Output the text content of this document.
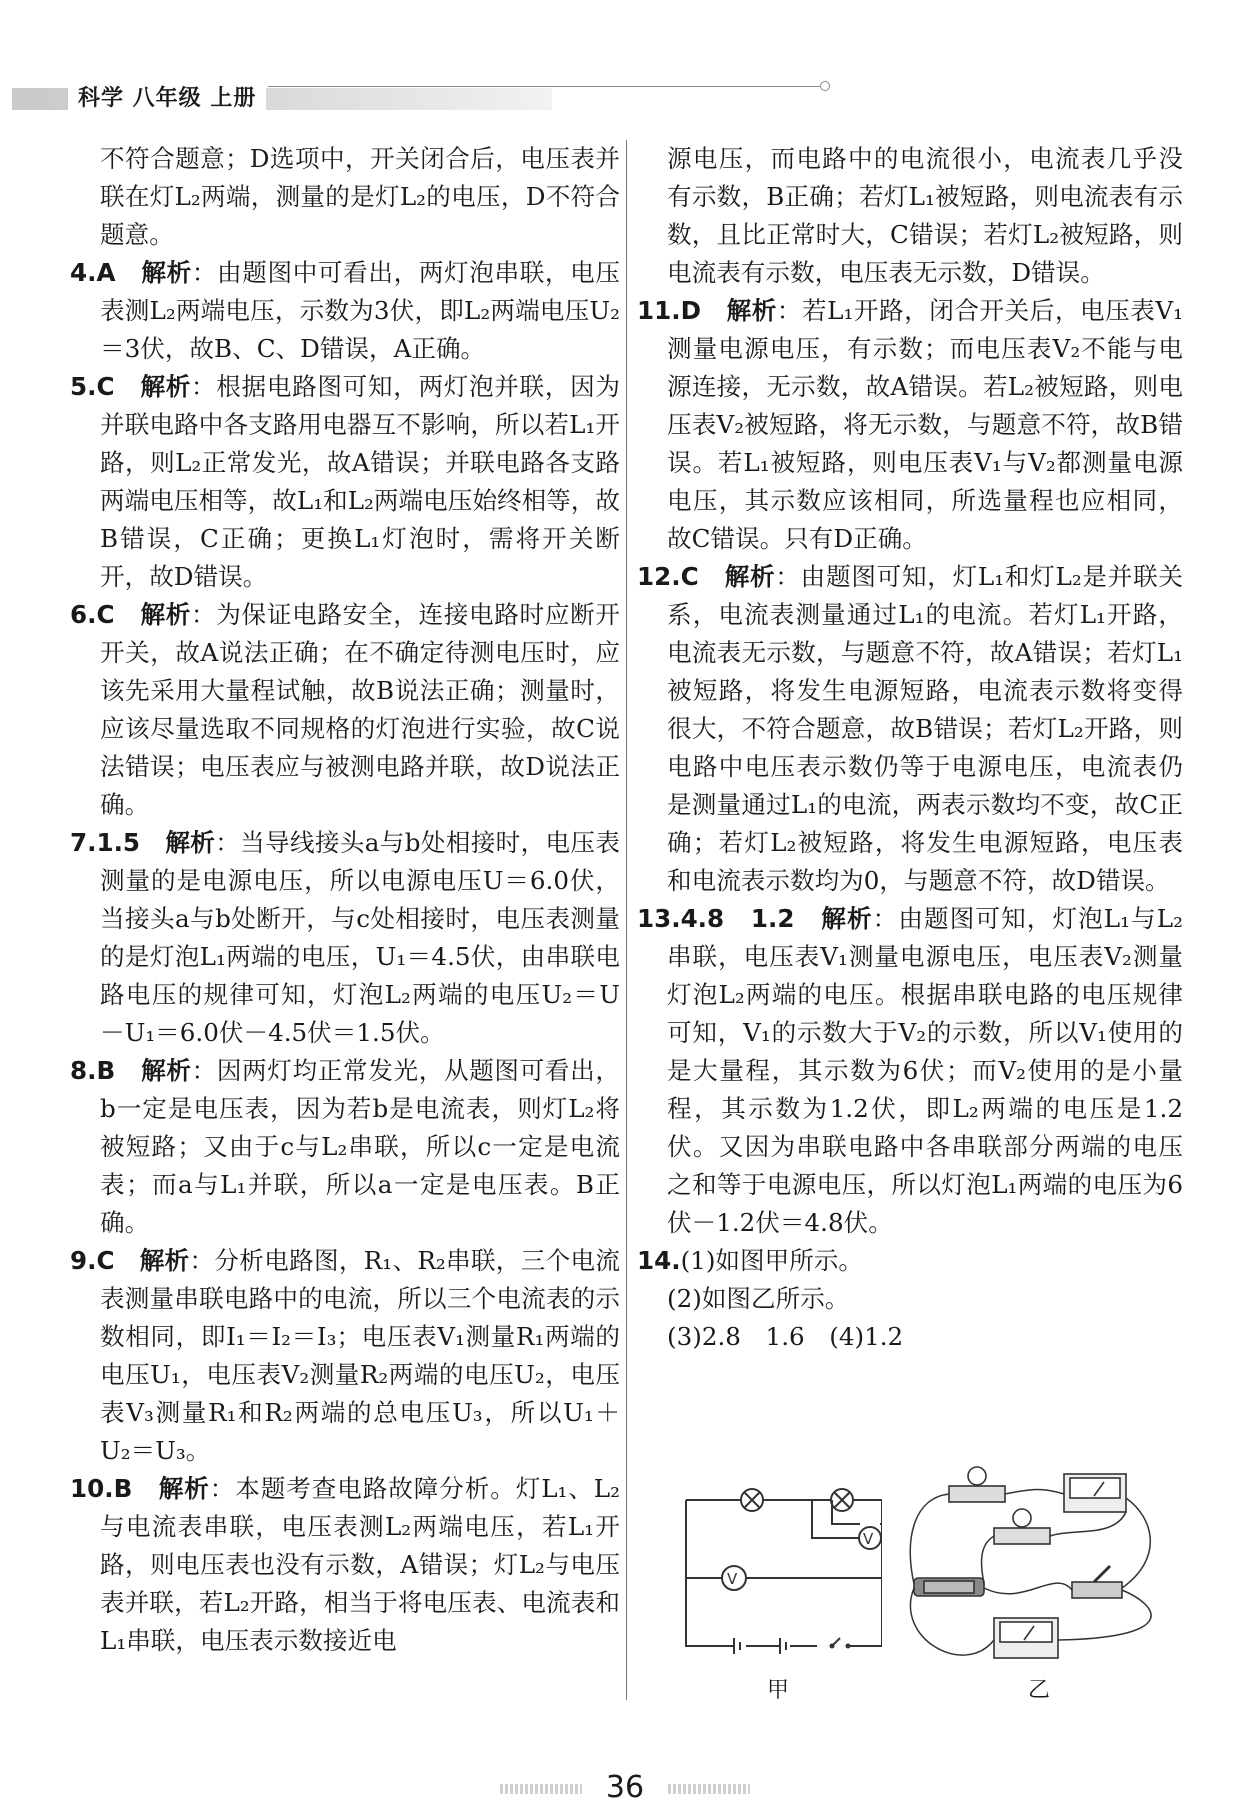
科学 八年级 上册

不符合题意；D选项中，开关闭合后，电压表并联在灯L₂两端，测量的是灯L₂的电压，D不符合题意。

4.A　 解析：由题图中可看出，两灯泡串联，电压表测L₂两端电压，示数为3伏，即L₂两端电压U₂＝3伏，故B、C、D错误，A正确。

5.C　 解析：根据电路图可知，两灯泡并联，因为并联电路中各支路用电器互不影响，所以若L₁开路，则L₂正常发光，故A错误；并联电路各支路两端电压相等，故L₁和L₂两端电压始终相等，故B错误，C正确；更换L₁灯泡时，需将开关断开，故D错误。

6.C　 解析：为保证电路安全，连接电路时应断开开关，故A说法正确；在不确定待测电压时，应该先采用大量程试触，故B说法正确；测量时，应该尽量选取不同规格的灯泡进行实验，故C说法错误；电压表应与被测电路并联，故D说法正确。

7.1.5　 解析：当导线接头a与b处相接时，电压表测量的是电源电压，所以电源电压U＝6.0伏，当接头a与b处断开，与c处相接时，电压表测量的是灯泡L₁两端的电压，U₁＝4.5伏，由串联电路电压的规律可知，灯泡L₂两端的电压U₂＝U－U₁＝6.0伏－4.5伏＝1.5伏。

8.B　 解析：因两灯均正常发光，从题图可看出，b一定是电压表，因为若b是电流表，则灯L₂将被短路；又由于c与L₂串联，所以c一定是电流表；而a与L₁并联，所以a一定是电压表。B正确。

9.C　 解析：分析电路图，R₁、R₂串联，三个电流表测量串联电路中的电流，所以三个电流表的示数相同，即I₁＝I₂＝I₃；电压表V₁测量R₁两端的电压U₁，电压表V₂测量R₂两端的电压U₂，电压表V₃测量R₁和R₂两端的总电压U₃，所以U₁＋U₂＝U₃。

10.B　 解析：本题考查电路故障分析。灯L₁、L₂与电流表串联，电压表测L₂两端电压，若L₁开路，则电压表也没有示数，A错误；灯L₂与电压表并联，若L₂开路，相当于将电压表、电流表和L₁串联，电压表示数接近电

源电压，而电路中的电流很小，电流表几乎没有示数，B正确；若灯L₁被短路，则电流表有示数，且比正常时大，C错误；若灯L₂被短路，则电流表有示数，电压表无示数，D错误。

11.D　 解析：若L₁开路，闭合开关后，电压表V₁测量电源电压，有示数；而电压表V₂不能与电源连接，无示数，故A错误。若L₂被短路，则电压表V₂被短路，将无示数，与题意不符，故B错误。若L₁被短路，则电压表V₁与V₂都测量电源电压，其示数应该相同，所选量程也应相同，故C错误。只有D正确。

12.C　 解析：由题图可知，灯L₁和灯L₂是并联关系，电流表测量通过L₁的电流。若灯L₁开路，电流表无示数，与题意不符，故A错误；若灯L₁被短路，将发生电源短路，电流表示数将变得很大，不符合题意，故B错误；若灯L₂开路，则电路中电压表示数仍等于电源电压，电流表仍是测量通过L₁的电流，两表示数均不变，故C正确；若灯L₂被短路，将发生电源短路，电压表和电流表示数均为0，与题意不符，故D错误。

13.4.8　1.2　 解析：由题图可知，灯泡L₁与L₂串联，电压表V₁测量电源电压，电压表V₂测量灯泡L₂两端的电压。根据串联电路的电压规律可知，V₁的示数大于V₂的示数，所以V₁使用的是大量程，其示数为6伏；而V₂使用的是小量程，其示数为1.2伏，即L₂两端的电压是1.2伏。又因为串联电路中各串联部分两端的电压之和等于电源电压，所以灯泡L₁两端的电压为6伏－1.2伏＝4.8伏。

14.(1)如图甲所示。

(2)如图乙所示。

(3)2.8　1.6　(4)1.2

V
V
甲	乙
36
